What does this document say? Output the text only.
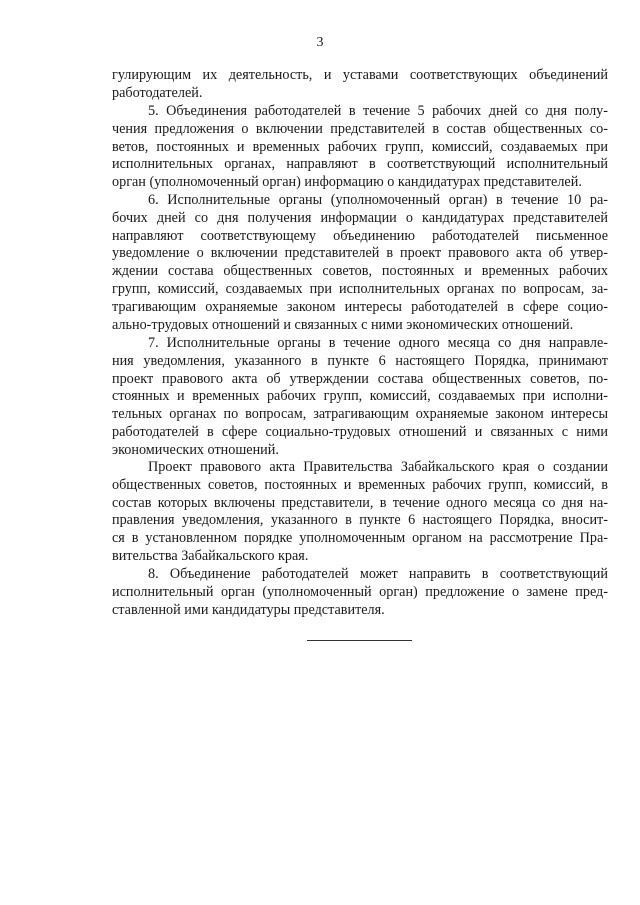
3
гулирующим их деятельность, и уставами соответствующих объединений
работодателей.
5. Объединения работодателей в течение 5 рабочих дней со дня полу-
чения предложения о включении представителей в состав общественных со-
ветов, постоянных и временных рабочих групп, комиссий, создаваемых при
исполнительных органах, направляют в соответствующий исполнительный
орган (уполномоченный орган) информацию о кандидатурах представителей.
6. Исполнительные органы (уполномоченный орган) в течение 10 ра-
бочих дней со дня получения информации о кандидатурах представителей
направляют соответствующему объединению работодателей письменное
уведомление о включении представителей в проект правового акта об утвер-
ждении состава общественных советов, постоянных и временных рабочих
групп, комиссий, создаваемых при исполнительных органах по вопросам, за-
трагивающим охраняемые законом интересы работодателей в сфере социо-
ально-трудовых отношений и связанных с ними экономических отношений.
7. Исполнительные органы в течение одного месяца со дня направле-
ния уведомления, указанного в пункте 6 настоящего Порядка, принимают
проект правового акта об утверждении состава общественных советов, по-
стоянных и временных рабочих групп, комиссий, создаваемых при исполни-
тельных органах по вопросам, затрагивающим охраняемые законом интересы
работодателей в сфере социально-трудовых отношений и связанных с ними
экономических отношений.
Проект правового акта Правительства Забайкальского края о создании
общественных советов, постоянных и временных рабочих групп, комиссий, в
состав которых включены представители, в течение одного месяца со дня на-
правления уведомления, указанного в пункте 6 настоящего Порядка, вносит-
ся в установленном порядке уполномоченным органом на рассмотрение Пра-
вительства Забайкальского края.
8. Объединение работодателей может направить в соответствующий
исполнительный орган (уполномоченный орган) предложение о замене пред-
ставленной ими кандидатуры представителя.
